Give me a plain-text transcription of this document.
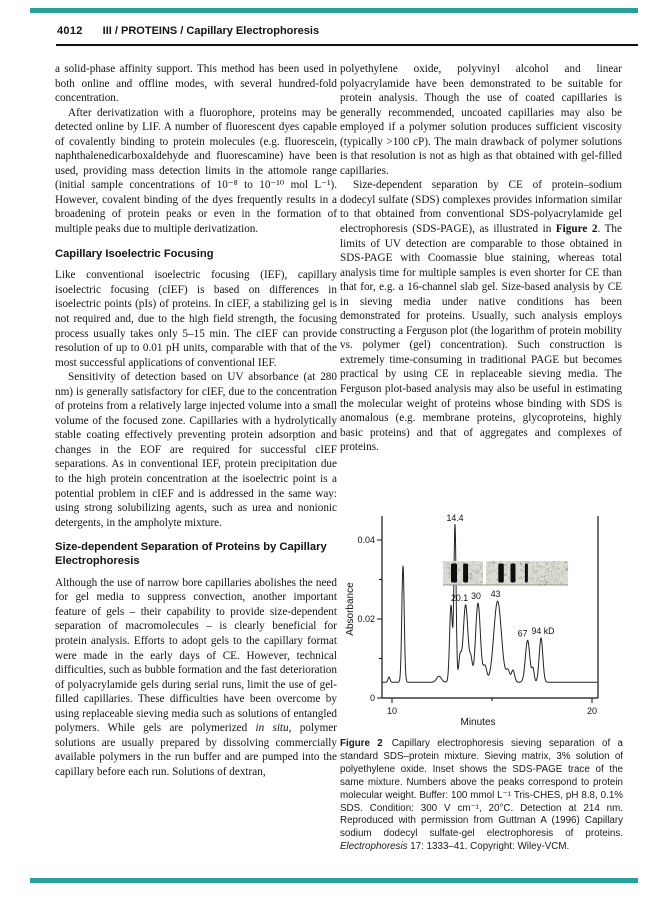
4012 III / PROTEINS / Capillary Electrophoresis

a solid-phase affinity support. This method has been used in both online and offline modes, with several hundred-fold concentration.

After derivatization with a fluorophore, proteins may be detected online by LIF. A number of fluorescent dyes capable of covalently binding to protein molecules (e.g. fluorescein, naphthalenedicarboxaldehyde and fluorescamine) have been used, providing mass detection limits in the attomole range (initial sample concentrations of 10⁻⁸ to 10⁻¹⁰ mol L⁻¹). However, covalent binding of the dyes frequently results in a broadening of protein peaks or even in the formation of multiple peaks due to multiple derivatization.

Capillary Isoelectric Focusing

Like conventional isoelectric focusing (IEF), capillary isoelectric focusing (cIEF) is based on differences in isoelectric points (pIs) of proteins. In cIEF, a stabilizing gel is not required and, due to the high field strength, the focusing process usually takes only 5–15 min. The cIEF can provide resolution of up to 0.01 pH units, comparable with that of the most successful applications of conventional IEF.

Sensitivity of detection based on UV absorbance (at 280 nm) is generally satisfactory for cIEF, due to the concentration of proteins from a relatively large injected volume into a small volume of the focused zone. Capillaries with a hydrolytically stable coating effectively preventing protein adsorption and changes in the EOF are required for successful cIEF separations. As in conventional IEF, protein precipitation due to the high protein concentration at the isoelectric point is a potential problem in cIEF and is addressed in the same way: using strong solubilizing agents, such as urea and nonionic detergents, in the ampholyte mixture.

Size-dependent Separation of Proteins by Capillary Electrophoresis

Although the use of narrow bore capillaries abolishes the need for gel media to suppress convection, another important feature of gels – their capability to provide size-dependent separation of macromolecules – is clearly beneficial for protein analysis. Efforts to adopt gels to the capillary format were made in the early days of CE. However, technical difficulties, such as bubble formation and the fast deterioration of polyacrylamide gels during serial runs, limit the use of gel-filled capillaries. These difficulties have been overcome by using replaceable sieving media such as solutions of entangled polymers. While gels are polymerized in situ, polymer solutions are usually prepared by dissolving commercially available polymers in the run buffer and are pumped into the capillary before each run. Solutions of dextran,

polyethylene oxide, polyvinyl alcohol and linear polyacrylamide have been demonstrated to be suitable for protein analysis. Though the use of coated capillaries is generally recommended, uncoated capillaries may also be employed if a polymer solution produces sufficient viscosity (typically >100 cP). The main drawback of polymer solutions is that resolution is not as high as that obtained with gel-filled capillaries.

Size-dependent separation by CE of protein–sodium dodecyl sulfate (SDS) complexes provides information similar to that obtained from conventional SDS-polyacrylamide gel electrophoresis (SDS-PAGE), as illustrated in Figure 2. The limits of UV detection are comparable to those obtained in SDS-PAGE with Coomassie blue staining, whereas total analysis time for multiple samples is even shorter for CE than that for, e.g. a 16-channel slab gel. Size-based analysis by CE in sieving media under native conditions has been demonstrated for proteins. Usually, such analysis employs constructing a Ferguson plot (the logarithm of protein mobility vs. polymer (gel) concentration). Such construction is extremely time-consuming in traditional PAGE but becomes practical by using CE in replaceable sieving media. The Ferguson plot-based analysis may also be useful in estimating the molecular weight of proteins whose binding with SDS is anomalous (e.g. membrane proteins, glycoproteins, highly basic proteins) and that of aggregates and complexes of proteins.

0
0.02
0.04
10	20
14.4
20.1 30 43
67 94 kD
Minutes
Absorbance
Figure 2 Capillary electrophoresis sieving separation of a standard SDS–protein mixture. Sieving matrix, 3% solution of polyethylene oxide. Inset shows the SDS-PAGE trace of the same mixture. Numbers above the peaks correspond to protein molecular weight. Buffer: 100 mmol L⁻¹ Tris-CHES, pH 8.8, 0.1% SDS. Condition: 300 V cm⁻¹, 20°C. Detection at 214 nm. Reproduced with permission from Guttman A (1996) Capillary sodium dodecyl sulfate-gel electrophoresis of proteins. Electrophoresis 17: 1333–41. Copyright: Wiley-VCM.
